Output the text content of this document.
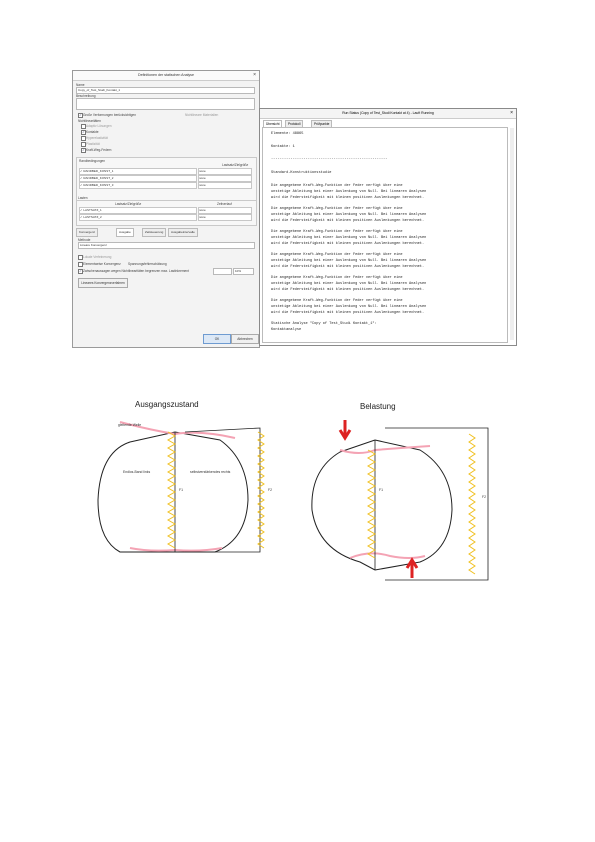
Definitionen der statischen Analyse	×
Name
Copy_of_Test_Studi_Kontakt_1
Beschreibung
✓ Große Verformungen berücksichtigen	Nichtlineare Materialien
Nichtlinearitäten
Adaptiv Lösungen
✓ Kontakte
Hyperelastizität
Plastizität
✓ Kraft-Weg-Federn
Randbedingungen
Lastsatz/Zielgröße
✓ RANDBED_KONST_1	none
✓ RANDBED_KONST_2	none
✓ RANDBED_KONST_3	none
Lasten
Lastsatz/Zielgröße	Zeitverlauf
✓ LASTSATZ_1	none
✓ LASTSATZ_2	none
Konvergenz	Ausgabe	Zeitsteuerung	Ausgabeintervalle
Methode
Lineare Konvergenz
Lokale Verfeinerung
Elementweise Konvergenz Spannungsfehlerschätzung
✓ Zwischenaussagen wegen Nichtlinearitäten begrenzen max. Lastinkrement	10%
Lineares Konvergenzverfahren
OK	Abbrechen
Run Status (Copy of Test_Studi Kontakt at 4) - Lauft Running	×
Übersicht	Protokoll	Prüfpunkte
Elemente: 48865
Kontakte: 1
------------------------------------------------------
Standard-Konstruktionsstudie
Die angegebene Kraft-Weg-Funktion der Feder verfügt über eine
unstetige Ableitung bei einer Auslenkung von Null. Bei linearen Analysen
wird die Federsteifigkeit mit kleinen positiven Auslenkungen berechnet.
Die angegebene Kraft-Weg-Funktion der Feder verfügt über eine
unstetige Ableitung bei einer Auslenkung von Null. Bei linearen Analysen
wird die Federsteifigkeit mit kleinen positiven Auslenkungen berechnet.
Die angegebene Kraft-Weg-Funktion der Feder verfügt über eine
unstetige Ableitung bei einer Auslenkung von Null. Bei linearen Analysen
wird die Federsteifigkeit mit kleinen positiven Auslenkungen berechnet.
Die angegebene Kraft-Weg-Funktion der Feder verfügt über eine
unstetige Ableitung bei einer Auslenkung von Null. Bei linearen Analysen
wird die Federsteifigkeit mit kleinen positiven Auslenkungen berechnet.
Die angegebene Kraft-Weg-Funktion der Feder verfügt über eine
unstetige Ableitung bei einer Auslenkung von Null. Bei linearen Analysen
wird die Federsteifigkeit mit kleinen positiven Auslenkungen berechnet.
Die angegebene Kraft-Weg-Funktion der Feder verfügt über eine
unstetige Ableitung bei einer Auslenkung von Null. Bei linearen Analysen
wird die Federsteifigkeit mit kleinen positiven Auslenkungen berechnet.
Statische Analyse "Copy of Test_Studi Kontakt_1":
Kontaktanalyse
Ausgangszustand	Belastung
gleitende Welle
Endlos-Band links	selbstverstärkendes rechts
F1	F2	F1
F2
